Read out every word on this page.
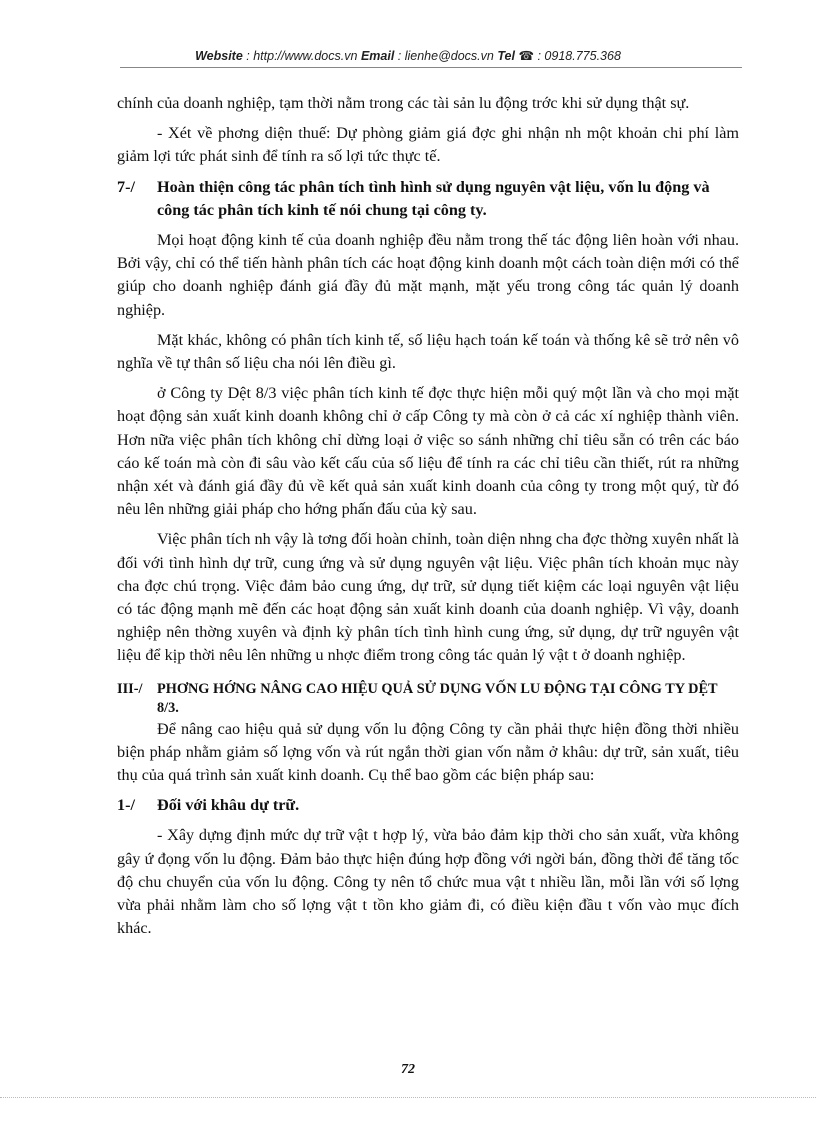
Website : http://www.docs.vn Email : lienhe@docs.vn Tel ☎ : 0918.775.368

chính của doanh nghiệp, tạm thời nằm trong các tài sản lu động trớc khi sử dụng thật sự.

- Xét về phơng diện thuế: Dự phòng giảm giá đợc ghi nhận nh một khoản chi phí làm giảm lợi tức phát sinh để tính ra số lợi tức thực tế.

7-/	Hoàn thiện công tác phân tích tình hình sử dụng nguyên vật liệu, vốn lu động và công tác phân tích kinh tế nói chung tại công ty.

Mọi hoạt động kinh tế của doanh nghiệp đều nằm trong thế tác động liên hoàn với nhau. Bởi vậy, chỉ có thể tiến hành phân tích các hoạt động kinh doanh một cách toàn diện mới có thể giúp cho doanh nghiệp đánh giá đầy đủ mặt mạnh, mặt yếu trong công tác quản lý doanh nghiệp.

Mặt khác, không có phân tích kinh tế, số liệu hạch toán kế toán và thống kê sẽ trở nên vô nghĩa về tự thân số liệu cha nói lên điều gì.

ở Công ty Dệt 8/3 việc phân tích kinh tế đợc thực hiện mỗi quý một lần và cho mọi mặt hoạt động sản xuất kinh doanh không chỉ ở cấp Công ty mà còn ở cả các xí nghiệp thành viên. Hơn nữa việc phân tích không chỉ dừng loại ở việc so sánh những chỉ tiêu sẵn có trên các báo cáo kế toán mà còn đi sâu vào kết cấu của số liệu để tính ra các chỉ tiêu cần thiết, rút ra những nhận xét và đánh giá đầy đủ về kết quả sản xuất kinh doanh của công ty trong một quý, từ đó nêu lên những giải pháp cho hớng phấn đấu của kỳ sau.

Việc phân tích nh vậy là tơng đối hoàn chỉnh, toàn diện nhng cha đợc thờng xuyên nhất là đối với tình hình dự trữ, cung ứng và sử dụng nguyên vật liệu. Việc phân tích khoản mục này cha đợc chú trọng. Việc đảm bảo cung ứng, dự trữ, sử dụng tiết kiệm các loại nguyên vật liệu có tác động mạnh mẽ đến các hoạt động sản xuất kinh doanh của doanh nghiệp. Vì vậy, doanh nghiệp nên thờng xuyên và định kỳ phân tích tình hình cung ứng, sử dụng, dự trữ nguyên vật liệu để kịp thời nêu lên những u nhợc điểm trong công tác quản lý vật t ở doanh nghiệp.

III-/	PHƠNG HỚNG NÂNG CAO HIỆU QUẢ SỬ DỤNG VỐN LU ĐỘNG TẠI CÔNG TY DỆT 8/3.

Để nâng cao hiệu quả sử dụng vốn lu động Công ty cần phải thực hiện đồng thời nhiều biện pháp nhằm giảm số lợng vốn và rút ngắn thời gian vốn nằm ở khâu: dự trữ, sản xuất, tiêu thụ của quá trình sản xuất kinh doanh. Cụ thể bao gồm các biện pháp sau:

1-/	Đối với khâu dự trữ.

- Xây dựng định mức dự trữ vật t hợp lý, vừa bảo đảm kịp thời cho sản xuất, vừa không gây ứ đọng vốn lu động. Đảm bảo thực hiện đúng hợp đồng với ngời bán, đồng thời để tăng tốc độ chu chuyển của vốn lu động. Công ty nên tổ chức mua vật t nhiều lần, mỗi lần với số lợng vừa phải nhằm làm cho số lợng vật t tồn kho giảm đi, có điều kiện đầu t vốn vào mục đích khác.

72
